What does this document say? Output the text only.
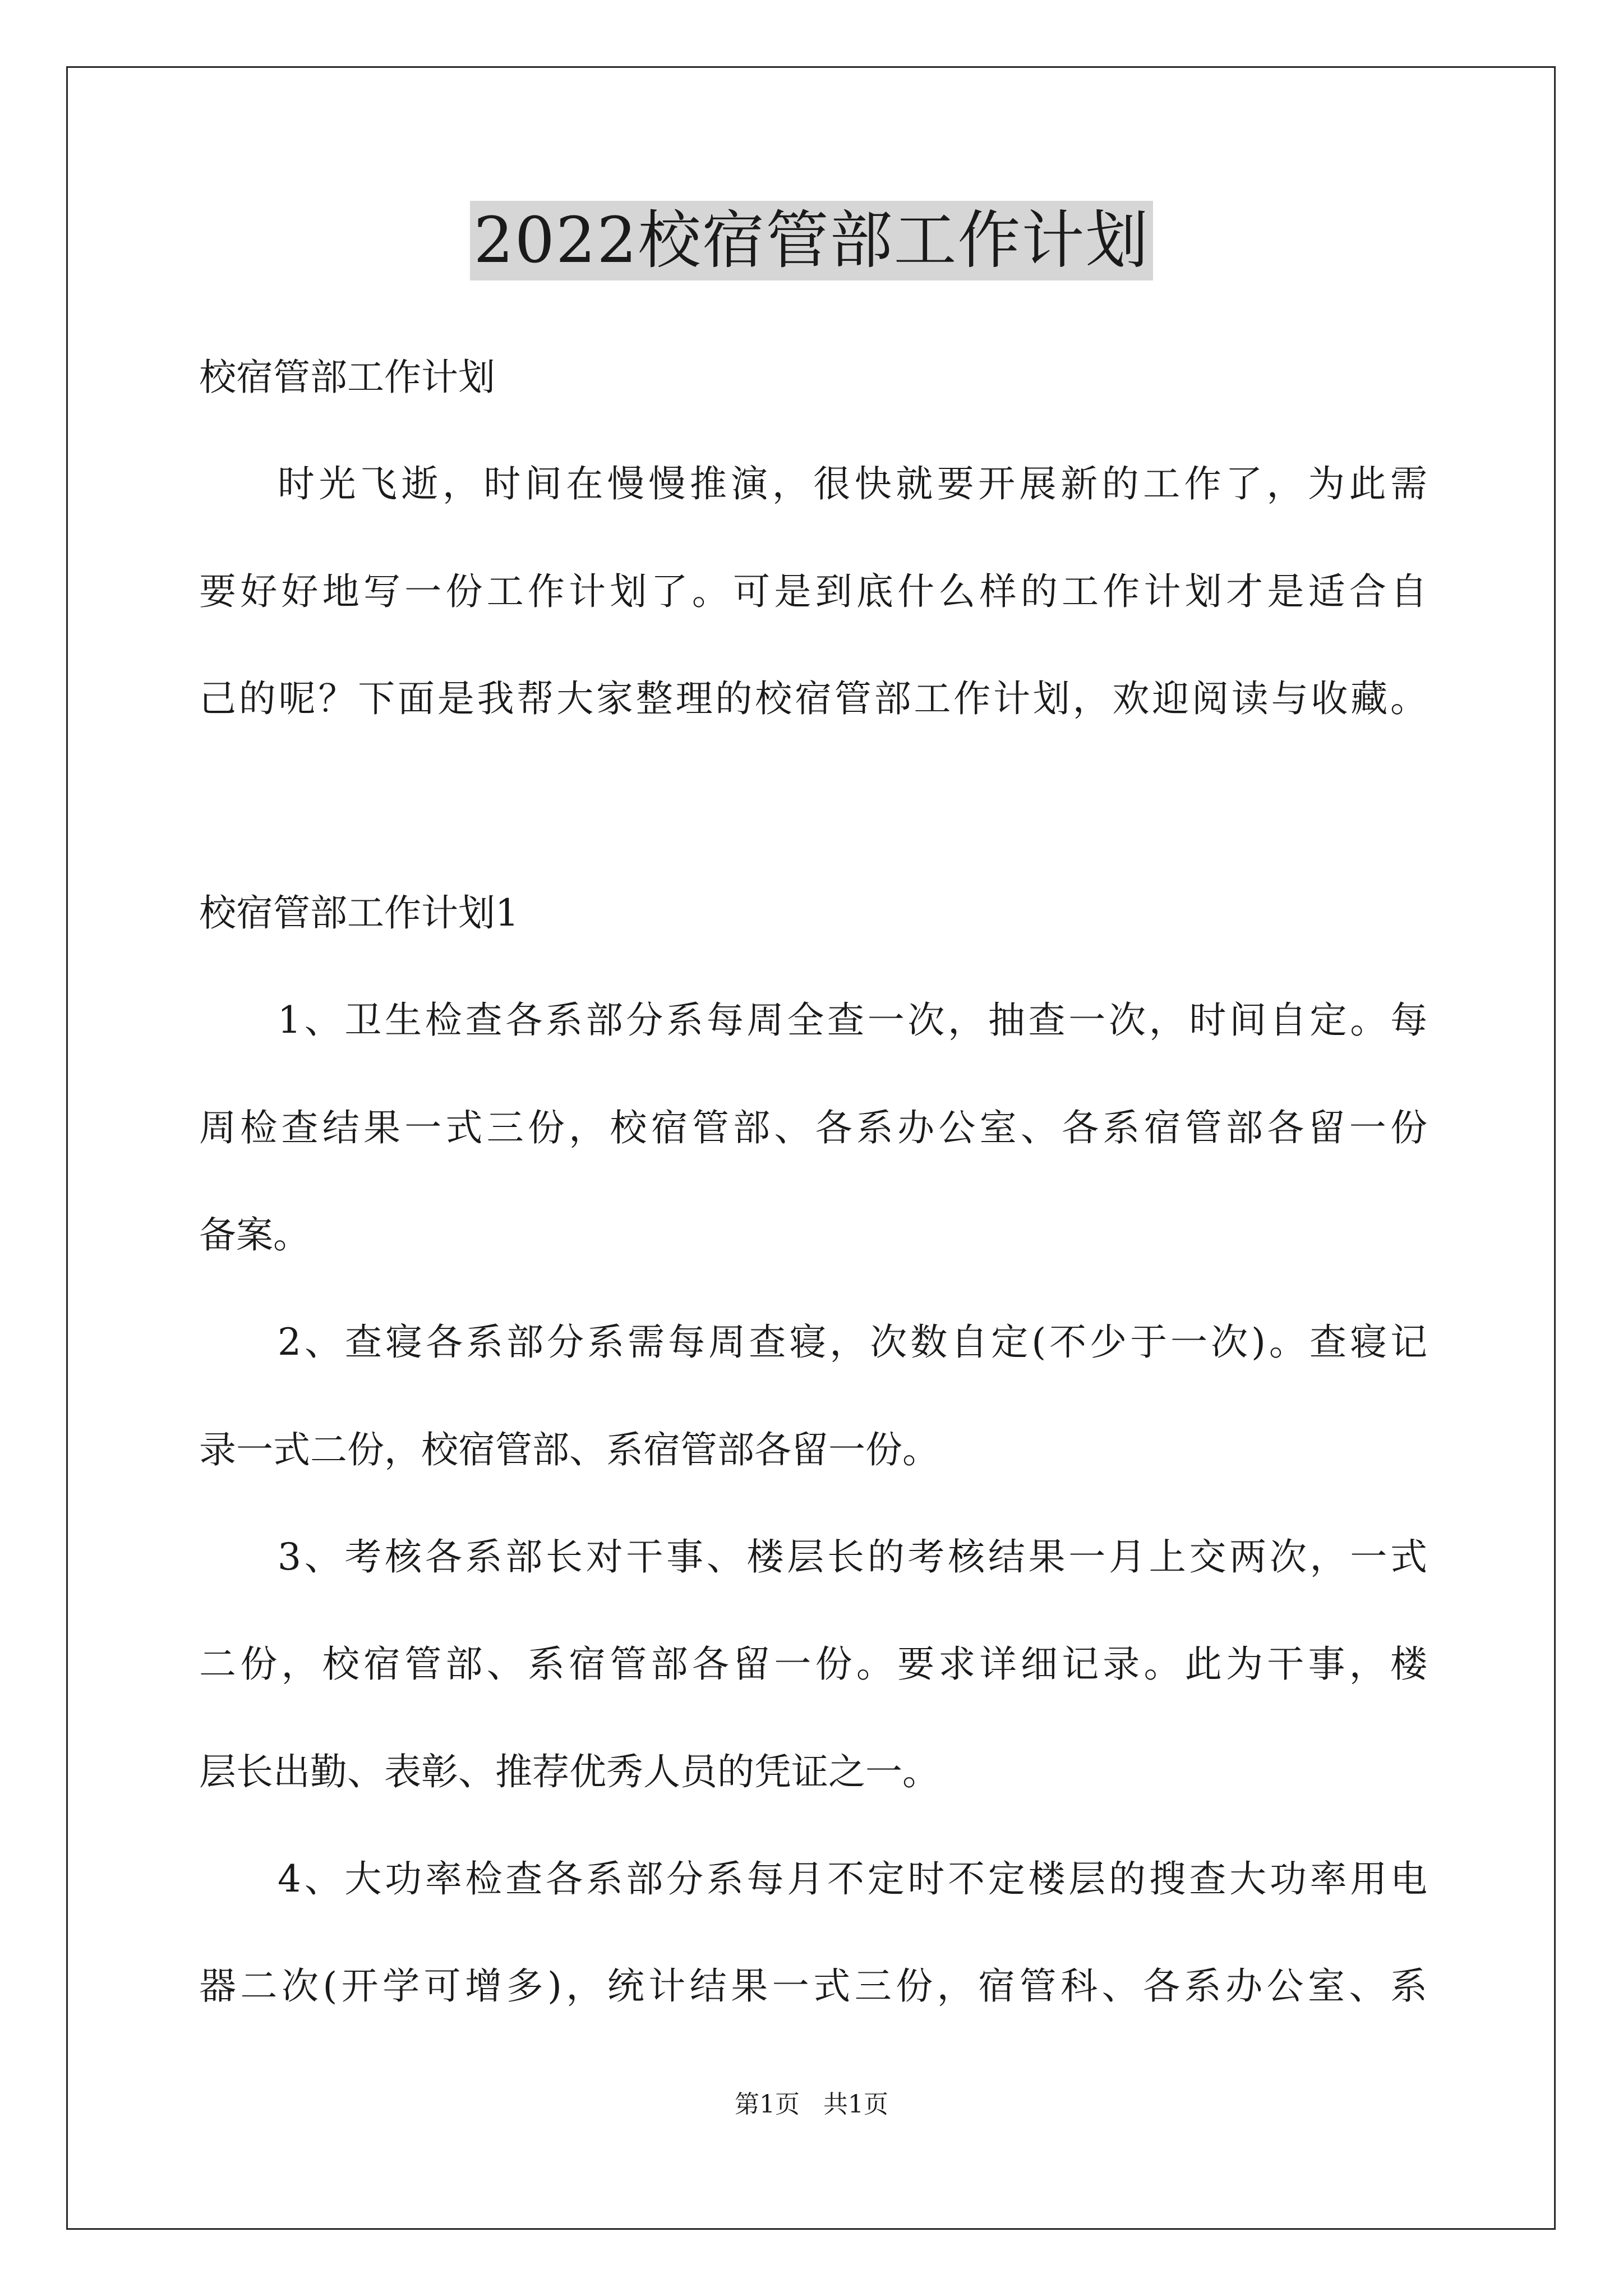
2022校宿管部工作计划
校宿管部工作计划
时光飞逝，时间在慢慢推演，很快就要开展新的工作了，为此需
要好好地写一份工作计划了。可是到底什么样的工作计划才是适合自
己的呢？下面是我帮大家整理的校宿管部工作计划，欢迎阅读与收藏。
校宿管部工作计划1
1、卫生检查各系部分系每周全查一次，抽查一次，时间自定。每
周检查结果一式三份，校宿管部、各系办公室、各系宿管部各留一份
备案。
2、查寝各系部分系需每周查寝，次数自定(不少于一次)。查寝记
录一式二份，校宿管部、系宿管部各留一份。
3、考核各系部长对干事、楼层长的考核结果一月上交两次，一式
二份，校宿管部、系宿管部各留一份。要求详细记录。此为干事，楼
层长出勤、表彰、推荐优秀人员的凭证之一。
4、大功率检查各系部分系每月不定时不定楼层的搜查大功率用电
器二次(开学可增多)，统计结果一式三份，宿管科、各系办公室、系
第1页 共1页
